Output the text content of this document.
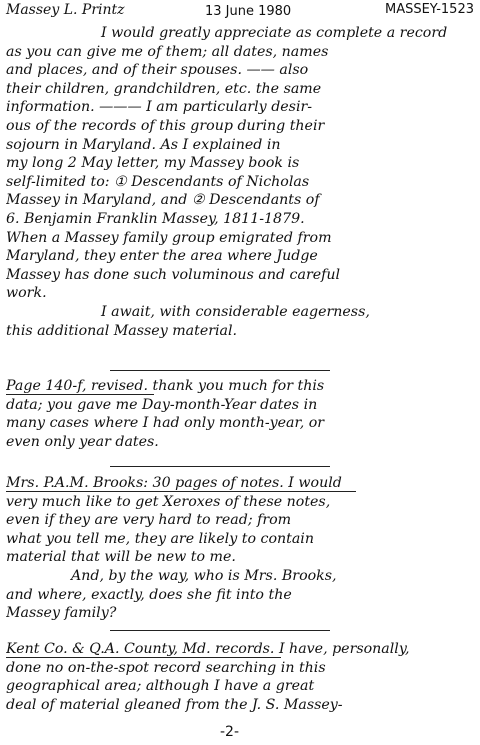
Massey L. Printz	13 June 1980	MASSEY-1523
I would greatly appreciate as complete a record
as you can give me of them; all dates, names
and places, and of their spouses. —— also
their children, grandchildren, etc. the same
information. ——— I am particularly desir-
ous of the records of this group during their
sojourn in Maryland. As I explained in
my long 2 May letter, my Massey book is
self-limited to: ① Descendants of Nicholas
Massey in Maryland, and ② Descendants of
6. Benjamin Franklin Massey, 1811-1879.
When a Massey family group emigrated from
Maryland, they enter the area where Judge
Massey has done such voluminous and careful
work.
I await, with considerable eagerness,
this additional Massey material.
Page 140-f, revised. thank you much for this
data; you gave me Day-month-Year dates in
many cases where I had only month-year, or
even only year dates.
Mrs. P.A.M. Brooks: 30 pages of notes. I would
very much like to get Xeroxes of these notes,
even if they are very hard to read; from
what you tell me, they are likely to contain
material that will be new to me.
And, by the way, who is Mrs. Brooks,
and where, exactly, does she fit into the
Massey family?
Kent Co. & Q.A. County, Md. records. I have, personally,
done no on-the-spot record searching in this
geographical area; although I have a great
deal of material gleaned from the J. S. Massey-
-2-
